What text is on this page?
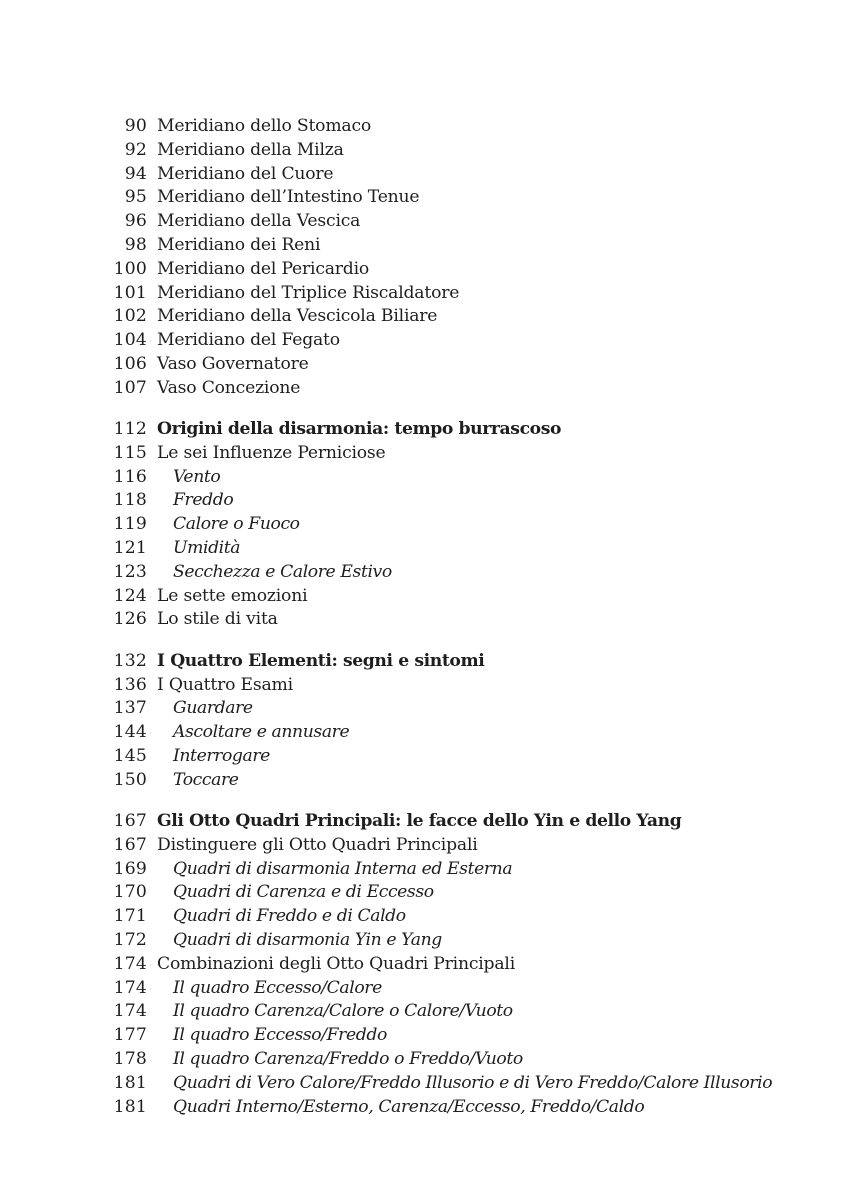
90 Meridiano dello Stomaco
92 Meridiano della Milza
94 Meridiano del Cuore
95 Meridiano dell’Intestino Tenue
96 Meridiano della Vescica
98 Meridiano dei Reni
100 Meridiano del Pericardio
101 Meridiano del Triplice Riscaldatore
102 Meridiano della Vescicola Biliare
104 Meridiano del Fegato
106 Vaso Governatore
107 Vaso Concezione
112 Origini della disarmonia: tempo burrascoso
115 Le sei Influenze Perniciose
116	Vento
118	Freddo
119	Calore o Fuoco
121	Umidità
123	Secchezza e Calore Estivo
124 Le sette emozioni
126 Lo stile di vita
132 I Quattro Elementi: segni e sintomi
136 I Quattro Esami
137	Guardare
144	Ascoltare e annusare
145	Interrogare
150	Toccare
167 Gli Otto Quadri Principali: le facce dello Yin e dello Yang
167 Distinguere gli Otto Quadri Principali
169	Quadri di disarmonia Interna ed Esterna
170	Quadri di Carenza e di Eccesso
171	Quadri di Freddo e di Caldo
172	Quadri di disarmonia Yin e Yang
174 Combinazioni degli Otto Quadri Principali
174	Il quadro Eccesso/Calore
174	Il quadro Carenza/Calore o Calore/Vuoto
177	Il quadro Eccesso/Freddo
178	Il quadro Carenza/Freddo o Freddo/Vuoto
181	Quadri di Vero Calore/Freddo Illusorio e di Vero Freddo/Calore Illusorio
181	Quadri Interno/Esterno, Carenza/Eccesso, Freddo/Caldo
